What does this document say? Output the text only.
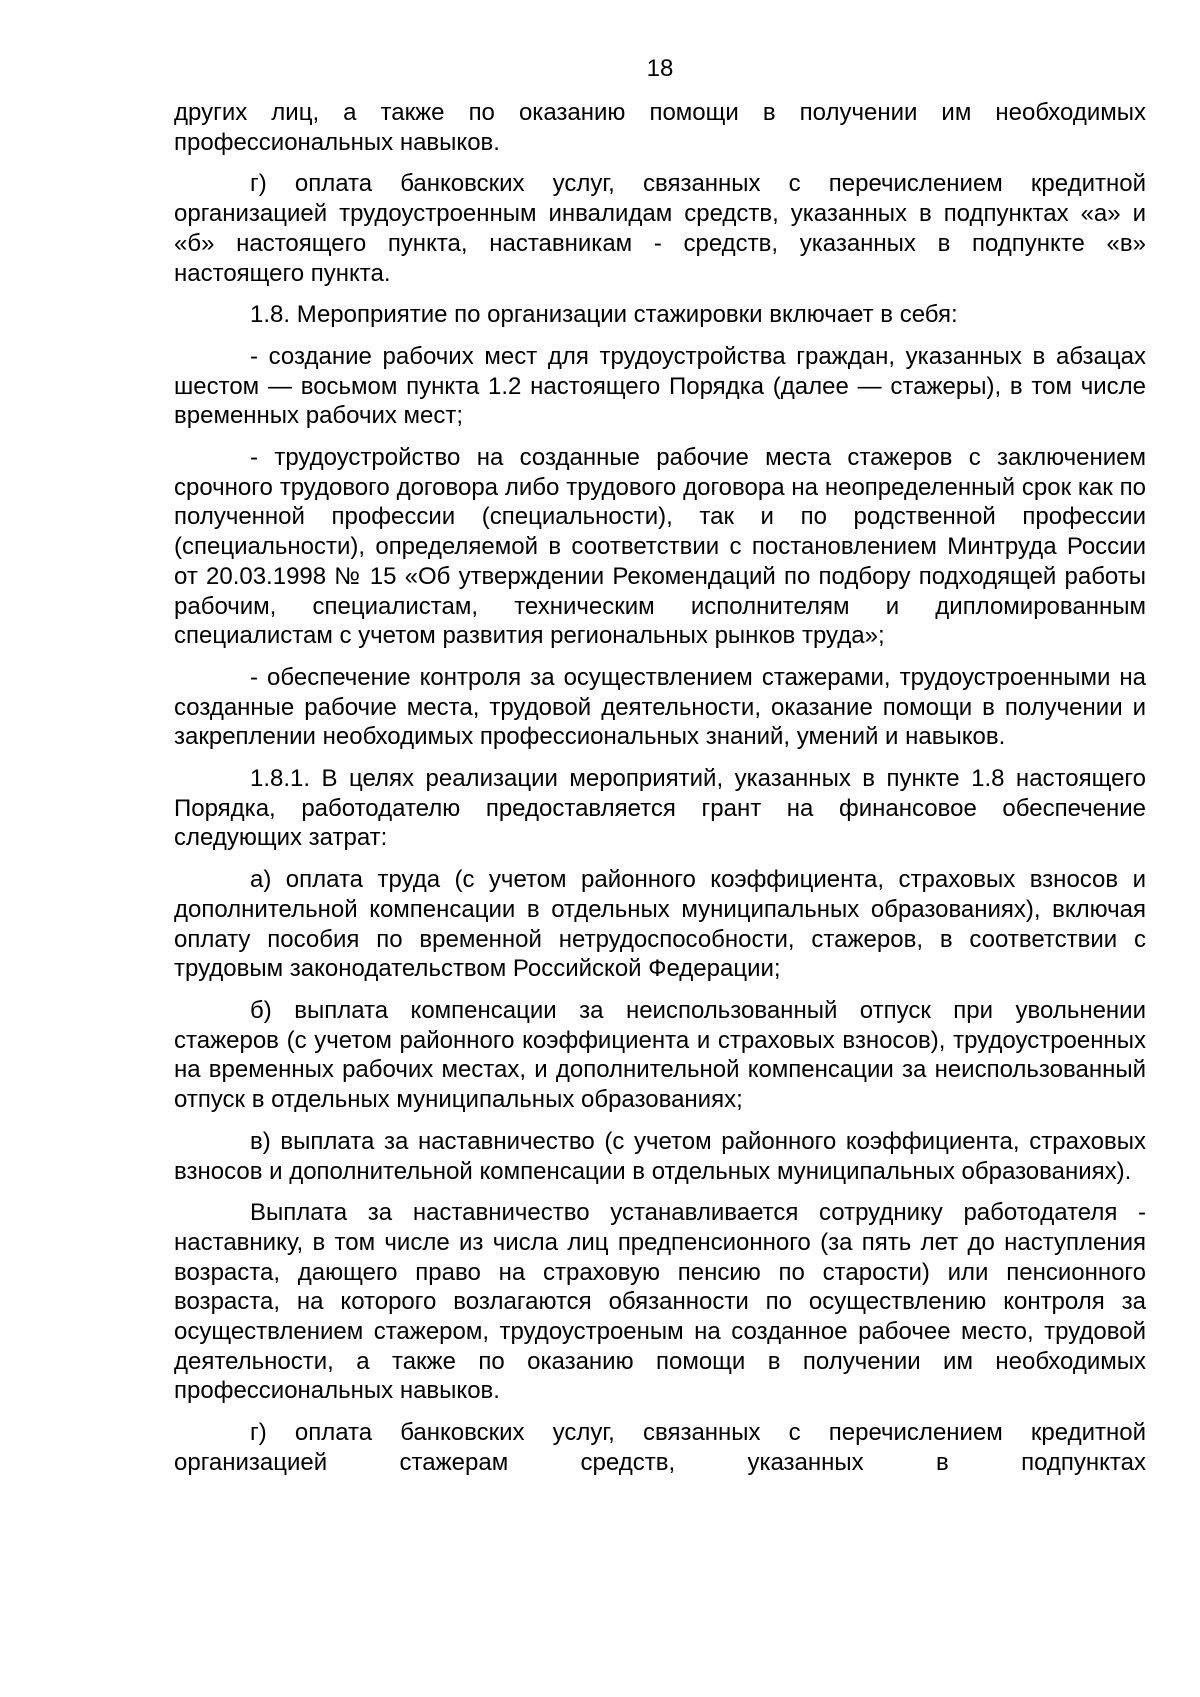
18

других лиц, а также по оказанию помощи в получении им необходимых профессиональных навыков.

г) оплата банковских услуг, связанных с перечислением кредитной организацией трудоустроенным инвалидам средств, указанных в подпунктах «а» и «б» настоящего пункта, наставникам - средств, указанных в подпункте «в» настоящего пункта.

1.8. Мероприятие по организации стажировки включает в себя:

- создание рабочих мест для трудоустройства граждан, указанных в абзацах шестом — восьмом пункта 1.2 настоящего Порядка (далее — стажеры), в том числе временных рабочих мест;

- трудоустройство на созданные рабочие места стажеров с заключением срочного трудового договора либо трудового договора на неопределенный срок как по полученной профессии (специальности), так и по родственной профессии (специальности), определяемой в соответствии с постановлением Минтруда России от 20.03.1998 № 15 «Об утверждении Рекомендаций по подбору подходящей работы рабочим, специалистам, техническим исполнителям и дипломированным специалистам с учетом развития региональных рынков труда»;

- обеспечение контроля за осуществлением стажерами, трудоустроенными на созданные рабочие места, трудовой деятельности, оказание помощи в получении и закреплении необходимых профессиональных знаний, умений и навыков.

1.8.1. В целях реализации мероприятий, указанных в пункте 1.8 настоящего Порядка, работодателю предоставляется грант на финансовое обеспечение следующих затрат:

а) оплата труда (с учетом районного коэффициента, страховых взносов и дополнительной компенсации в отдельных муниципальных образованиях), включая оплату пособия по временной нетрудоспособности, стажеров, в соответствии с трудовым законодательством Российской Федерации;

б) выплата компенсации за неиспользованный отпуск при увольнении стажеров (с учетом районного коэффициента и страховых взносов), трудоустроенных на временных рабочих местах, и дополнительной компенсации за неиспользованный отпуск в отдельных муниципальных образованиях;

в) выплата за наставничество (с учетом районного коэффициента, страховых взносов и дополнительной компенсации в отдельных муниципальных образованиях).

Выплата за наставничество устанавливается сотруднику работодателя - наставнику, в том числе из числа лиц предпенсионного (за пять лет до наступления возраста, дающего право на страховую пенсию по старости) или пенсионного возраста, на которого возлагаются обязанности по осуществлению контроля за осуществлением стажером, трудоустроеным на созданное рабочее место, трудовой деятельности, а также по оказанию помощи в получении им необходимых профессиональных навыков.

г) оплата банковских услуг, связанных с перечислением кредитной организацией стажерам средств, указанных в подпунктах
